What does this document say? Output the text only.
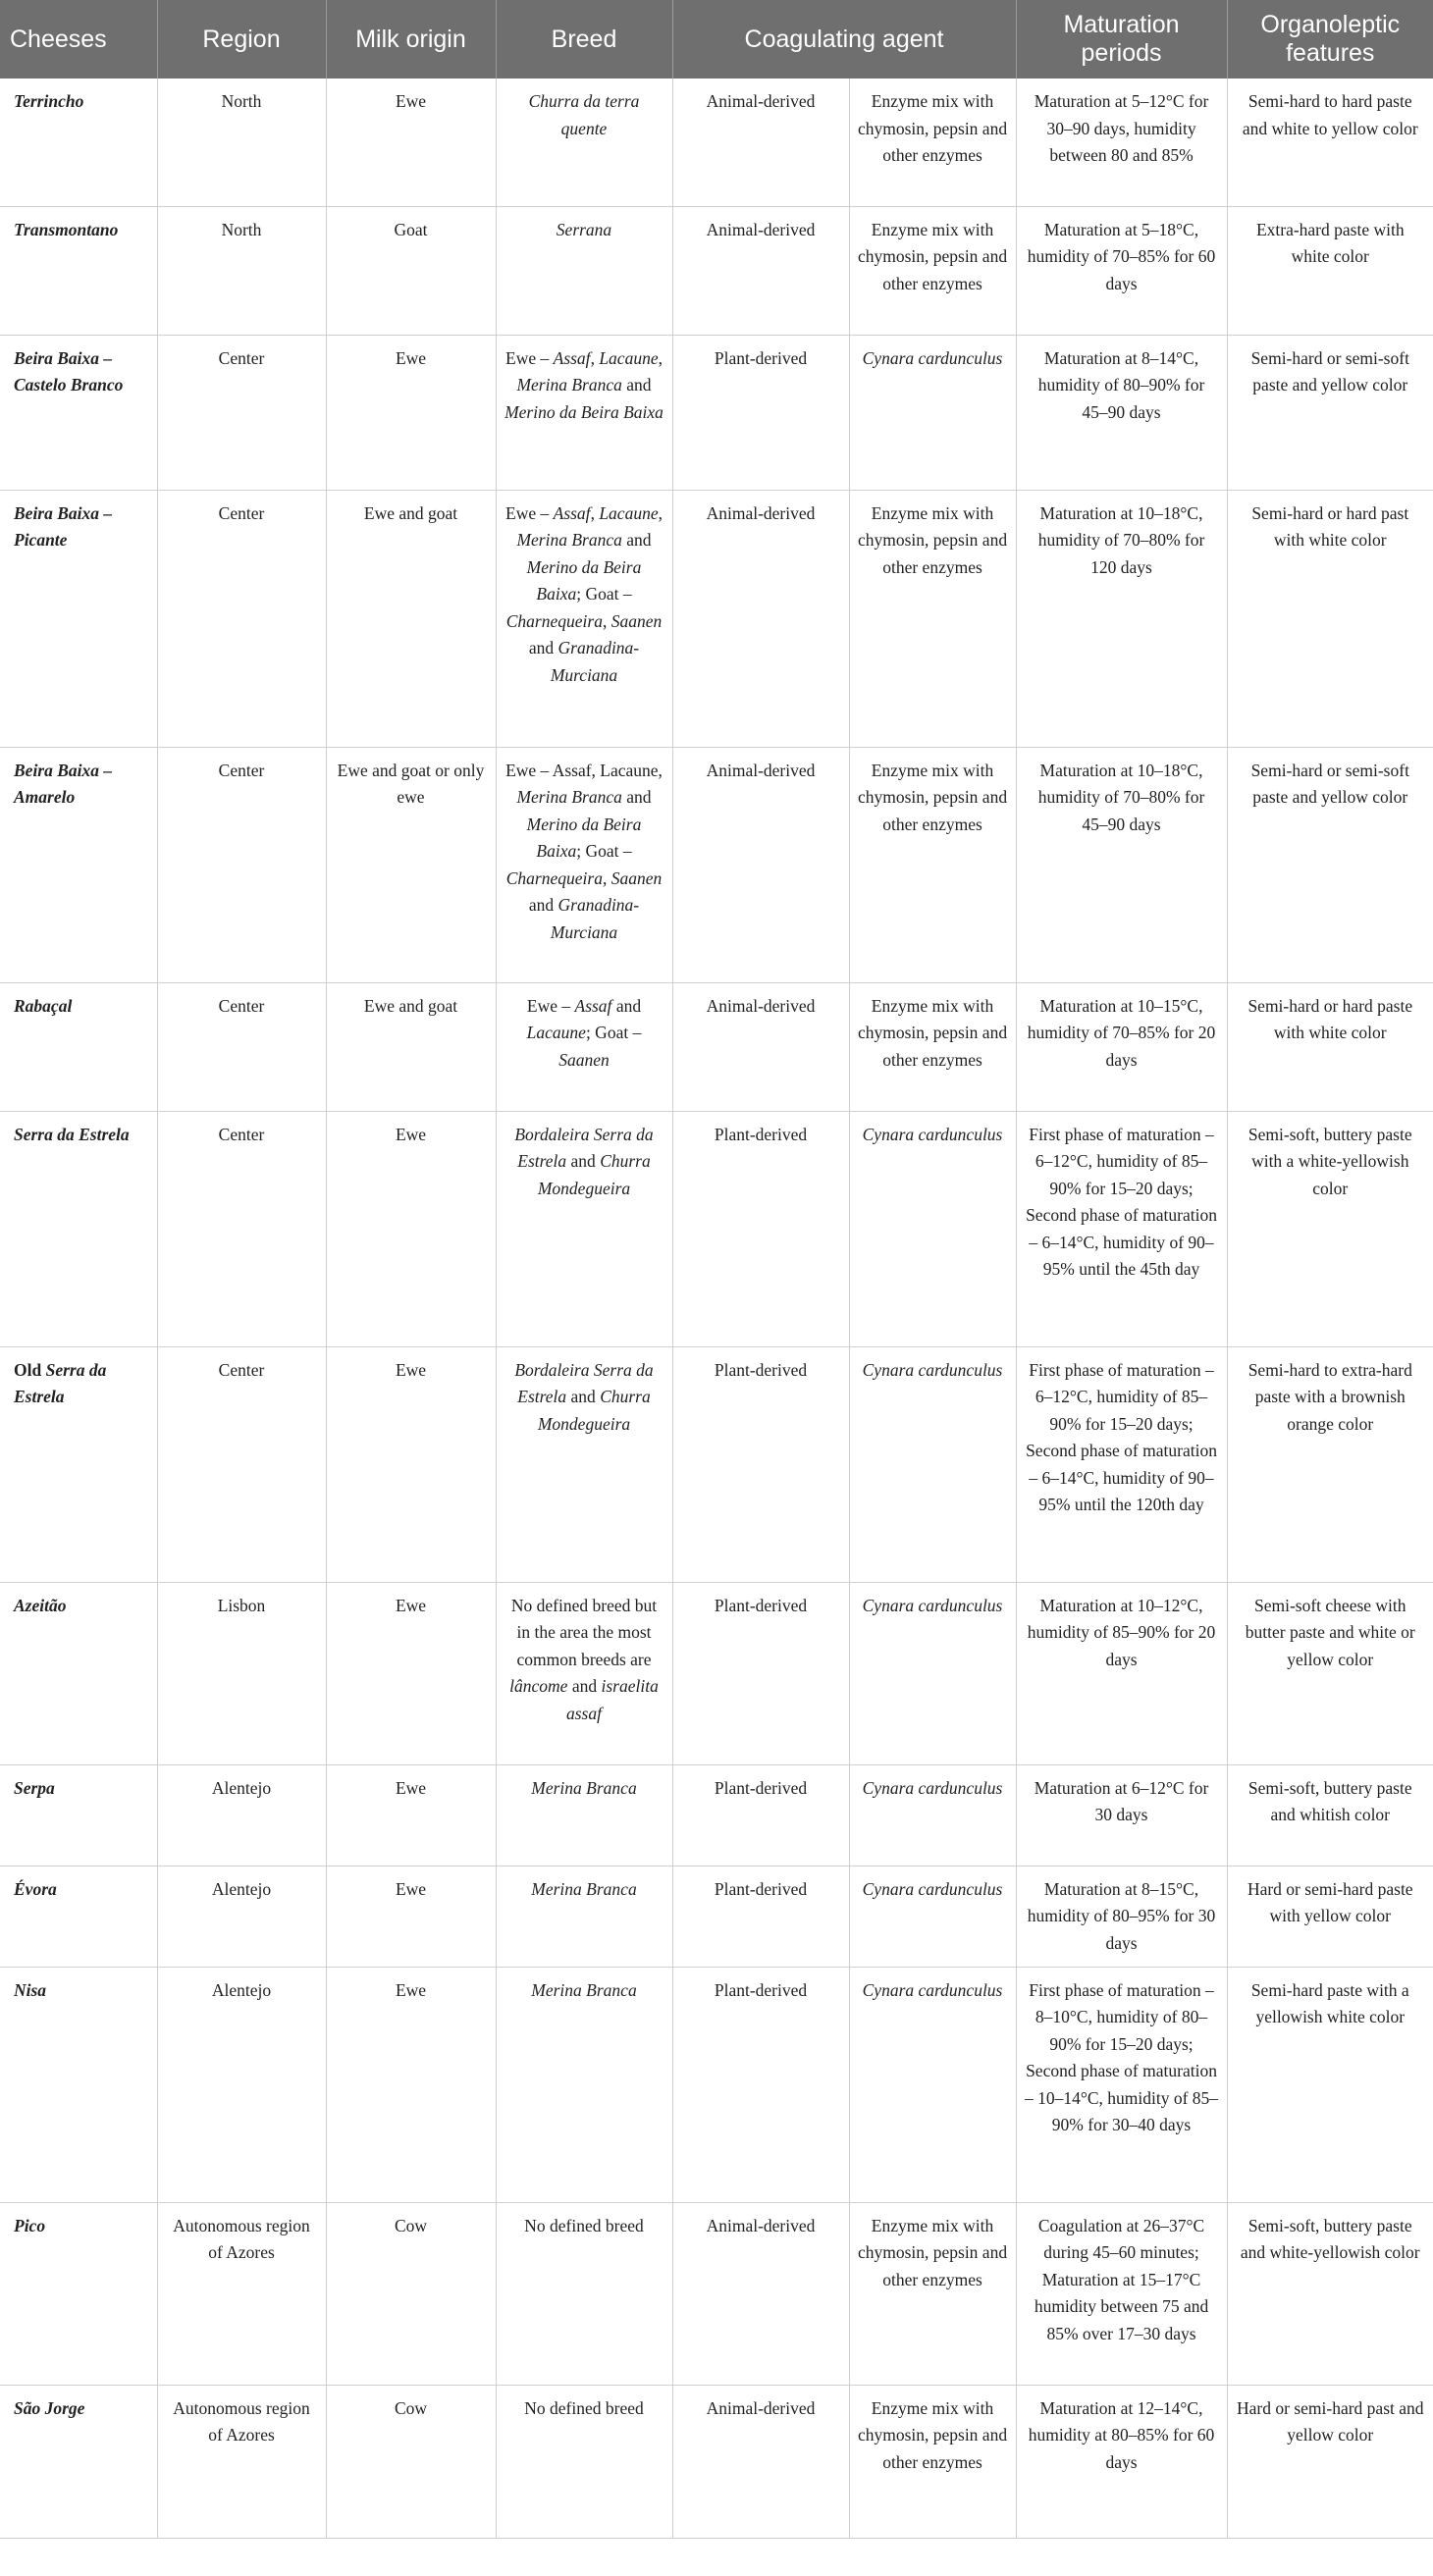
Cheeses	Region	Milk origin	Breed	Coagulating agent		Maturation periods	Organoleptic features
Terrincho	North	Ewe	Churra da terra quente	Animal-derived	Enzyme mix with chymosin, pepsin and other enzymes	Maturation at 5–12°C for 30–90 days, humidity between 80 and 85%	Semi-hard to hard paste and white to yellow color
Transmontano	North	Goat	Serrana	Animal-derived	Enzyme mix with chymosin, pepsin and other enzymes	Maturation at 5–18°C, humidity of 70–85% for 60 days	Extra-hard paste with white color
Beira Baixa – Castelo Branco	Center	Ewe	Ewe – Assaf, Lacaune, Merina Branca and Merino da Beira Baixa	Plant-derived	Cynara cardunculus	Maturation at 8–14°C, humidity of 80–90% for 45–90 days	Semi-hard or semi-soft paste and yellow color
Beira Baixa – Picante	Center	Ewe and goat	Ewe – Assaf, Lacaune, Merina Branca and Merino da Beira Baixa; Goat – Charnequeira, Saanen and Granadina-Murciana	Animal-derived	Enzyme mix with chymosin, pepsin and other enzymes	Maturation at 10–18°C, humidity of 70–80% for 120 days	Semi-hard or hard past with white color
Beira Baixa – Amarelo	Center	Ewe and goat or only ewe	Ewe – Assaf, Lacaune, Merina Branca and Merino da Beira Baixa; Goat – Charnequeira, Saanen and Granadina-Murciana	Animal-derived	Enzyme mix with chymosin, pepsin and other enzymes	Maturation at 10–18°C, humidity of 70–80% for 45–90 days	Semi-hard or semi-soft paste and yellow color
Rabaçal	Center	Ewe and goat	Ewe – Assaf and Lacaune; Goat – Saanen	Animal-derived	Enzyme mix with chymosin, pepsin and other enzymes	Maturation at 10–15°C, humidity of 70–85% for 20 days	Semi-hard or hard paste with white color
Serra da Estrela	Center	Ewe	Bordaleira Serra da Estrela and Churra Mondegueira	Plant-derived	Cynara cardunculus	First phase of maturation – 6–12°C, humidity of 85–90% for 15–20 days; Second phase of maturation – 6–14°C, humidity of 90–95% until the 45th day	Semi-soft, buttery paste with a white-yellowish color
Old Serra da Estrela	Center	Ewe	Bordaleira Serra da Estrela and Churra Mondegueira	Plant-derived	Cynara cardunculus	First phase of maturation – 6–12°C, humidity of 85–90% for 15–20 days; Second phase of maturation – 6–14°C, humidity of 90–95% until the 120th day	Semi-hard to extra-hard paste with a brownish orange color
Azeitão	Lisbon	Ewe	No defined breed but in the area the most common breeds are lâncome and israelita assaf	Plant-derived	Cynara cardunculus	Maturation at 10–12°C, humidity of 85–90% for 20 days	Semi-soft cheese with butter paste and white or yellow color
Serpa	Alentejo	Ewe	Merina Branca	Plant-derived	Cynara cardunculus	Maturation at 6–12°C for 30 days	Semi-soft, buttery paste and whitish color
Évora	Alentejo	Ewe	Merina Branca	Plant-derived	Cynara cardunculus	Maturation at 8–15°C, humidity of 80–95% for 30 days	Hard or semi-hard paste with yellow color
Nisa	Alentejo	Ewe	Merina Branca	Plant-derived	Cynara cardunculus	First phase of maturation – 8–10°C, humidity of 80–90% for 15–20 days; Second phase of maturation – 10–14°C, humidity of 85–90% for 30–40 days	Semi-hard paste with a yellowish white color
Pico	Autonomous region of Azores	Cow	No defined breed	Animal-derived	Enzyme mix with chymosin, pepsin and other enzymes	Coagulation at 26–37°C during 45–60 minutes; Maturation at 15–17°C humidity between 75 and 85% over 17–30 days	Semi-soft, buttery paste and white-yellowish color
São Jorge	Autonomous region of Azores	Cow	No defined breed	Animal-derived	Enzyme mix with chymosin, pepsin and other enzymes	Maturation at 12–14°C, humidity at 80–85% for 60 days	Hard or semi-hard past and yellow color
